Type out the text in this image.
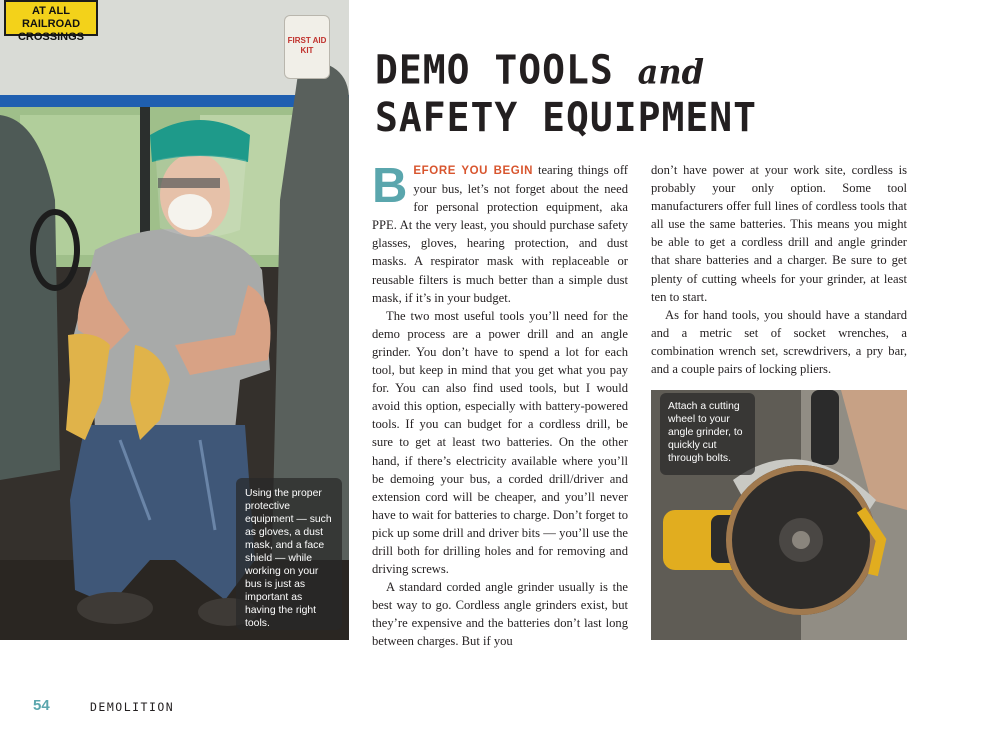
AT ALL RAILROAD CROSSINGS	FIRST AID KIT
Using the proper protective equipment — such as gloves, a dust mask, and a face shield — while working on your bus is just as important as having the right tools.
DEMO TOOLS and
SAFETY EQUIPMENT

BEFORE YOU BEGIN tearing things off your bus, let’s not forget about the need for personal protection equipment, aka PPE. At the very least, you should purchase safety glasses, gloves, hearing protection, and dust masks. A respirator mask with replaceable or reusable filters is much better than a simple dust mask, if it’s in your budget.

The two most useful tools you’ll need for the demo process are a power drill and an angle grinder. You don’t have to spend a lot for each tool, but keep in mind that you get what you pay for. You can also find used tools, but I would avoid this option, especially with battery-powered tools. If you can budget for a cordless drill, be sure to get at least two batteries. On the other hand, if there’s electricity available where you’ll be demoing your bus, a corded drill/driver and extension cord will be cheaper, and you’ll never have to wait for batteries to charge. Don’t forget to pick up some drill and driver bits — you’ll use the drill both for drilling holes and for removing and driving screws.

A standard corded angle grinder usually is the best way to go. Cordless angle grinders exist, but they’re expensive and the batteries don’t last long between charges. But if you

don’t have power at your work site, cordless is probably your only option. Some tool manufacturers offer full lines of cordless tools that all use the same batteries. This means you might be able to get a cordless drill and angle grinder that share batteries and a charger. Be sure to get plenty of cutting wheels for your grinder, at least ten to start.

As for hand tools, you should have a standard and a metric set of socket wrenches, a combination wrench set, screwdrivers, a pry bar, and a couple pairs of locking pliers.

Attach a cutting wheel to your angle grinder, to quickly cut through bolts.
54	DEMOLITION
